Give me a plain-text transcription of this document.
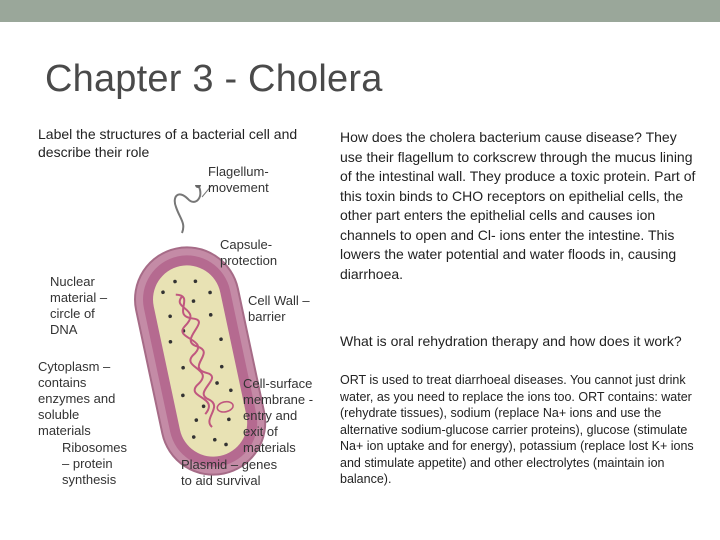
Chapter 3 - Cholera
Label the structures of a bacterial cell and describe their role
Flagellum-
movement
Capsule-
protection
Nuclear
material –
circle of
DNA
Cell Wall –
barrier
Cytoplasm –
contains
enzymes and
soluble
materials
Cell-surface
membrane -
entry and
exit of
materials
Ribosomes
– protein
synthesis
Plasmid – genes
to aid survival
How does the cholera bacterium cause disease? They use their flagellum to corkscrew through the mucus lining of the intestinal wall. They produce a toxic protein. Part of this toxin binds to CHO receptors on epithelial cells, the other part enters the epithelial cells and causes ion channels to open and Cl- ions enter the intestine. This lowers the water potential and water floods in, causing diarrhoea.
What is oral rehydration therapy and how does it work?
ORT is used to treat diarrhoeal diseases. You cannot just drink water, as you need to replace the ions too. ORT contains: water (rehydrate tissues), sodium (replace Na+ ions and use the alternative sodium-glucose carrier proteins), glucose (stimulate Na+ ion uptake and for energy), potassium (replace lost K+ ions and stimulate appetite) and other electrolytes (maintain ion balance).
